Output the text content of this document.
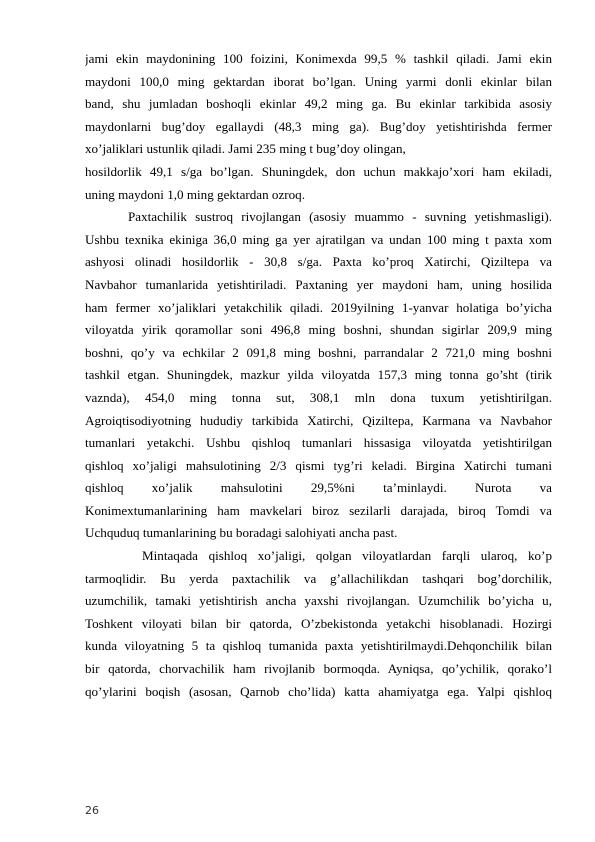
jami ekin maydonining 100 foizini, Konimexda 99,5 % tashkil qiladi. Jami ekin
maydoni 100,0 ming gektardan iborat bo’lgan. Uning yarmi donli ekinlar bilan
band, shu jumladan boshoqli ekinlar 49,2 ming ga. Bu ekinlar tarkibida asosiy
maydonlarni bug’doy egallaydi (48,3 ming ga). Bug’doy yetishtirishda fermer
xo’jaliklari ustunlik qiladi. Jami 235 ming t bug’doy olingan,
hosildorlik 49,1 s/ga bo’lgan. Shuningdek, don uchun makkajo’xori ham ekiladi,
uning maydoni 1,0 ming gektardan ozroq.
Paxtachilik sustroq rivojlangan (asosiy muammo - suvning yetishmasligi).
Ushbu texnika ekiniga 36,0 ming ga yer ajratilgan va undan 100 ming t paxta xom
ashyosi olinadi hosildorlik - 30,8 s/ga. Paxta ko’proq Xatirchi, Qiziltepa va
Navbahor tumanlarida yetishtiriladi. Paxtaning yer maydoni ham, uning hosilida
ham fermer xo’jaliklari yetakchilik qiladi. 2019yilning 1-yanvar holatiga bo’yicha
viloyatda yirik qoramollar soni 496,8 ming boshni, shundan sigirlar 209,9 ming
boshni, qo’y va echkilar 2 091,8 ming boshni, parrandalar 2 721,0 ming boshni
tashkil etgan. Shuningdek, mazkur yilda viloyatda 157,3 ming tonna go’sht (tirik
vaznda), 454,0 ming tonna sut, 308,1 mln dona tuxum yetishtirilgan.
Agroiqtisodiyotning hududiy tarkibida Xatirchi, Qiziltepa, Karmana va Navbahor
tumanlari yetakchi. Ushbu qishloq tumanlari hissasiga viloyatda yetishtirilgan
qishloq xo’jaligi mahsulotining 2/3 qismi tyg’ri keladi. Birgina Xatirchi tumani
qishloq xo’jalik mahsulotini 29,5%ni ta’minlaydi. Nurota va
Konimextumanlarining ham mavkelari biroz sezilarli darajada, biroq Tomdi va
Uchquduq tumanlarining bu boradagi salohiyati ancha past.
Mintaqada qishloq xo’jaligi, qolgan viloyatlardan farqli ularoq, ko’p
tarmoqlidir. Bu yerda paxtachilik va g’allachilikdan tashqari bog’dorchilik,
uzumchilik, tamaki yetishtirish ancha yaxshi rivojlangan. Uzumchilik bo’yicha u,
Toshkent viloyati bilan bir qatorda, O’zbekistonda yetakchi hisoblanadi. Hozirgi
kunda viloyatning 5 ta qishloq tumanida paxta yetishtirilmaydi.Dehqonchilik bilan
bir qatorda, chorvachilik ham rivojlanib bormoqda. Ayniqsa, qo’ychilik, qorako’l
qo’ylarini boqish (asosan, Qarnob cho’lida) katta ahamiyatga ega. Yalpi qishloq
26
